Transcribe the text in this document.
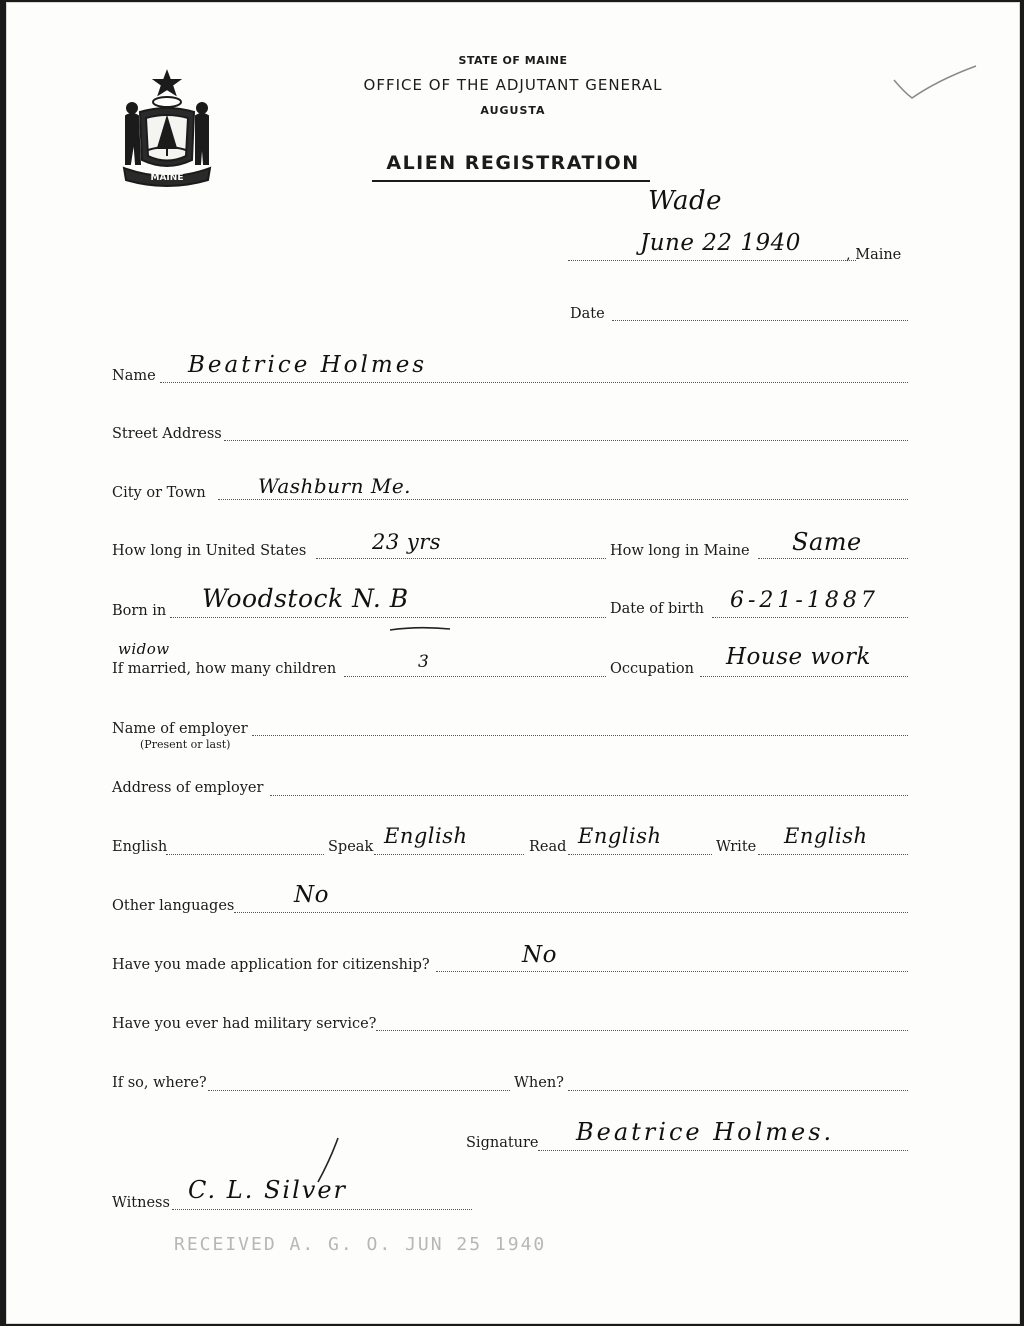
MAINE
STATE OF MAINE
OFFICE OF THE ADJUTANT GENERAL
AUGUSTA
ALIEN REGISTRATION
Wade
June 22 1940	, Maine
Date
Name Beatrice Holmes
Street Address
City or Town	Washburn Me.
How long in United States	23 yrs	How long in Maine Same
Born in Woodstock N. B	Date of birth 6-21-1887
widow
If married, how many children	3	Occupation House work
Name of employer
(Present or last)
Address of employer
English	Speak English	Read English	Write English
Other languages	No
Have you made application for citizenship?	No
Have you ever had military service?
If so, where?	When?
Signature Beatrice Holmes.
Witness C. L. Silver
RECEIVED A. G. O. JUN 25 1940
